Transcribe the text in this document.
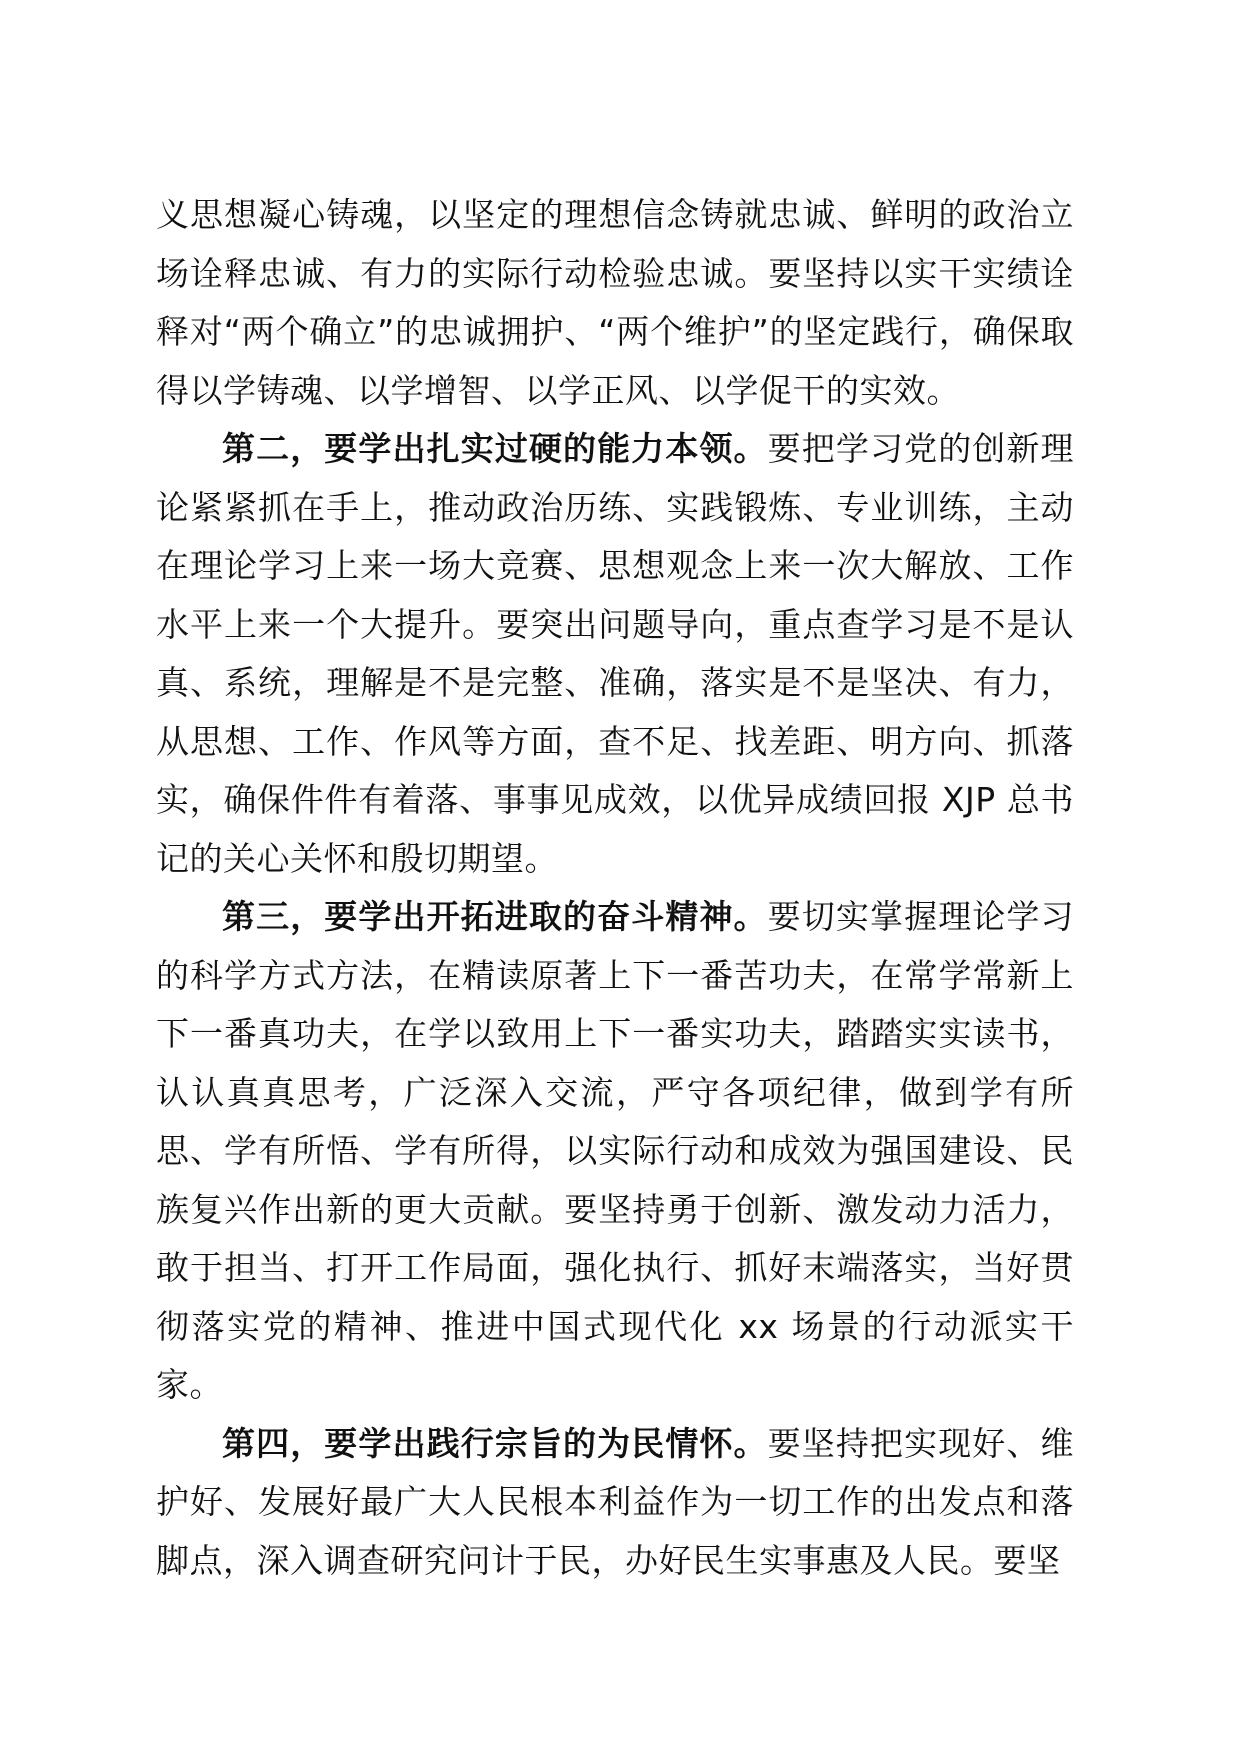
义思想凝心铸魂，以坚定的理想信念铸就忠诚、鲜明的政治立场诠释忠诚、有力的实际行动检验忠诚。要坚持以实干实绩诠释对“两个确立”的忠诚拥护、“两个维护”的坚定践行，确保取得以学铸魂、以学增智、以学正风、以学促干的实效。

第二，要学出扎实过硬的能力本领。要把学习党的创新理论紧紧抓在手上，推动政治历练、实践锻炼、专业训练，主动在理论学习上来一场大竞赛、思想观念上来一次大解放、工作水平上来一个大提升。要突出问题导向，重点查学习是不是认真、系统，理解是不是完整、准确，落实是不是坚决、有力，从思想、工作、作风等方面，查不足、找差距、明方向、抓落实，确保件件有着落、事事见成效，以优异成绩回报 XJP 总书记的关心关怀和殷切期望。

第三，要学出开拓进取的奋斗精神。要切实掌握理论学习的科学方式方法，在精读原著上下一番苦功夫，在常学常新上下一番真功夫，在学以致用上下一番实功夫，踏踏实实读书，认认真真思考，广泛深入交流，严守各项纪律，做到学有所思、学有所悟、学有所得，以实际行动和成效为强国建设、民族复兴作出新的更大贡献。要坚持勇于创新、激发动力活力，敢于担当、打开工作局面，强化执行、抓好末端落实，当好贯彻落实党的精神、推进中国式现代化 xx 场景的行动派实干家。

第四，要学出践行宗旨的为民情怀。要坚持把实现好、维护好、发展好最广大人民根本利益作为一切工作的出发点和落脚点，深入调查研究问计于民，办好民生实事惠及人民。要坚
